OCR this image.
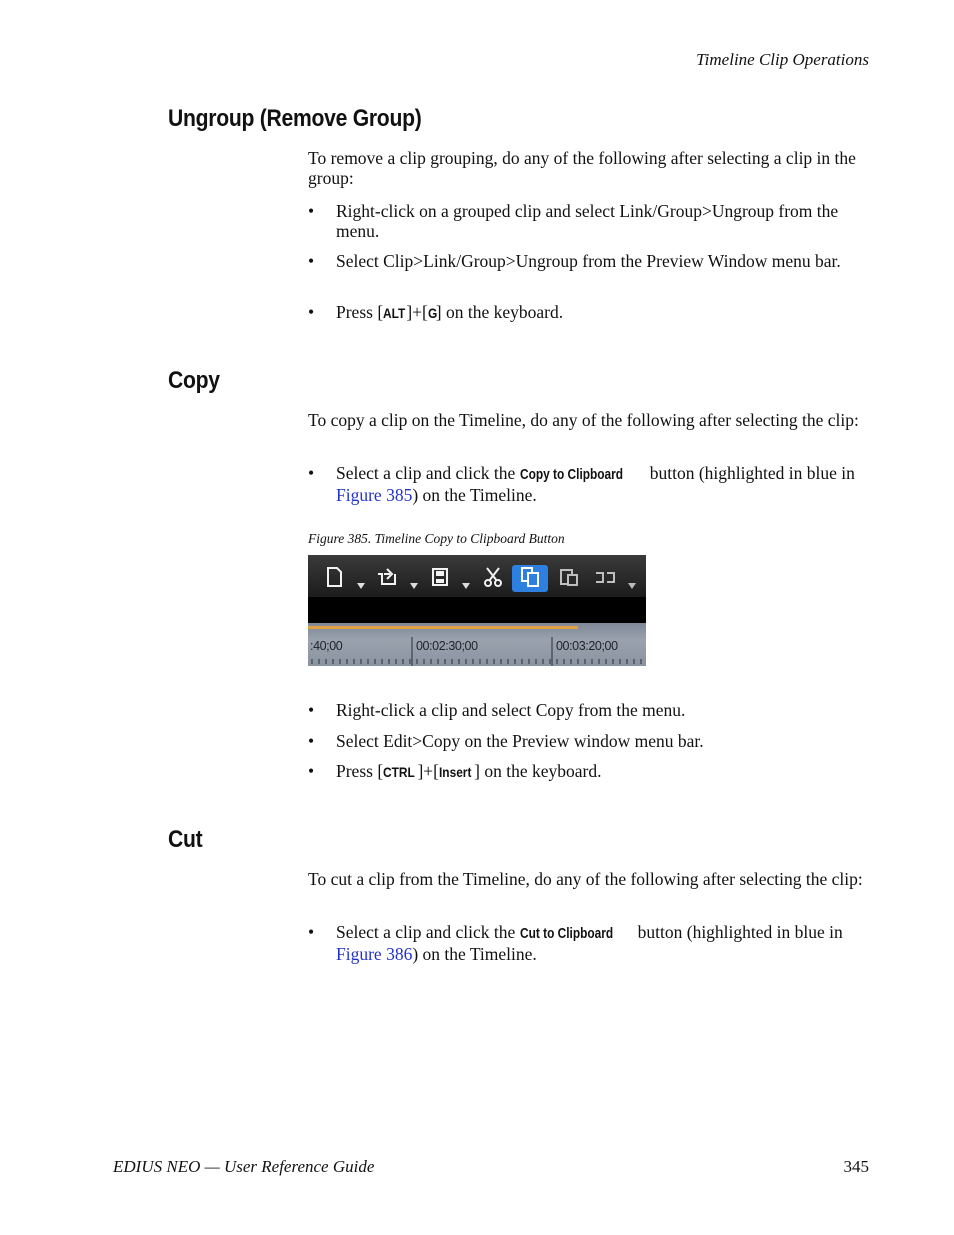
Timeline Clip Operations
Ungroup (Remove Group)

To remove a clip grouping, do any of the following after selecting a clip in the group:

• Right-click on a grouped clip and select Link/Group>Ungroup from the menu.
• Select Clip>Link/Group>Ungroup from the Preview Window menu bar.
• Press [ALT]+[G] on the keyboard.
Copy

To copy a clip on the Timeline, do any of the following after selecting the clip:

• Select a clip and click the Copy to Clipboard button (highlighted in blue in Figure 385) on the Timeline.
Figure 385. Timeline Copy to Clipboard Button
:40;00	00:02:30;00	00:03:20;00
• Right-click a clip and select Copy from the menu.
• Select Edit>Copy on the Preview window menu bar.
• Press [CTRL ]+[Insert ] on the keyboard.
Cut

To cut a clip from the Timeline, do any of the following after selecting the clip:

• Select a clip and click the Cut to Clipboard button (highlighted in blue in Figure 386) on the Timeline.
EDIUS NEO — User Reference Guide	345
